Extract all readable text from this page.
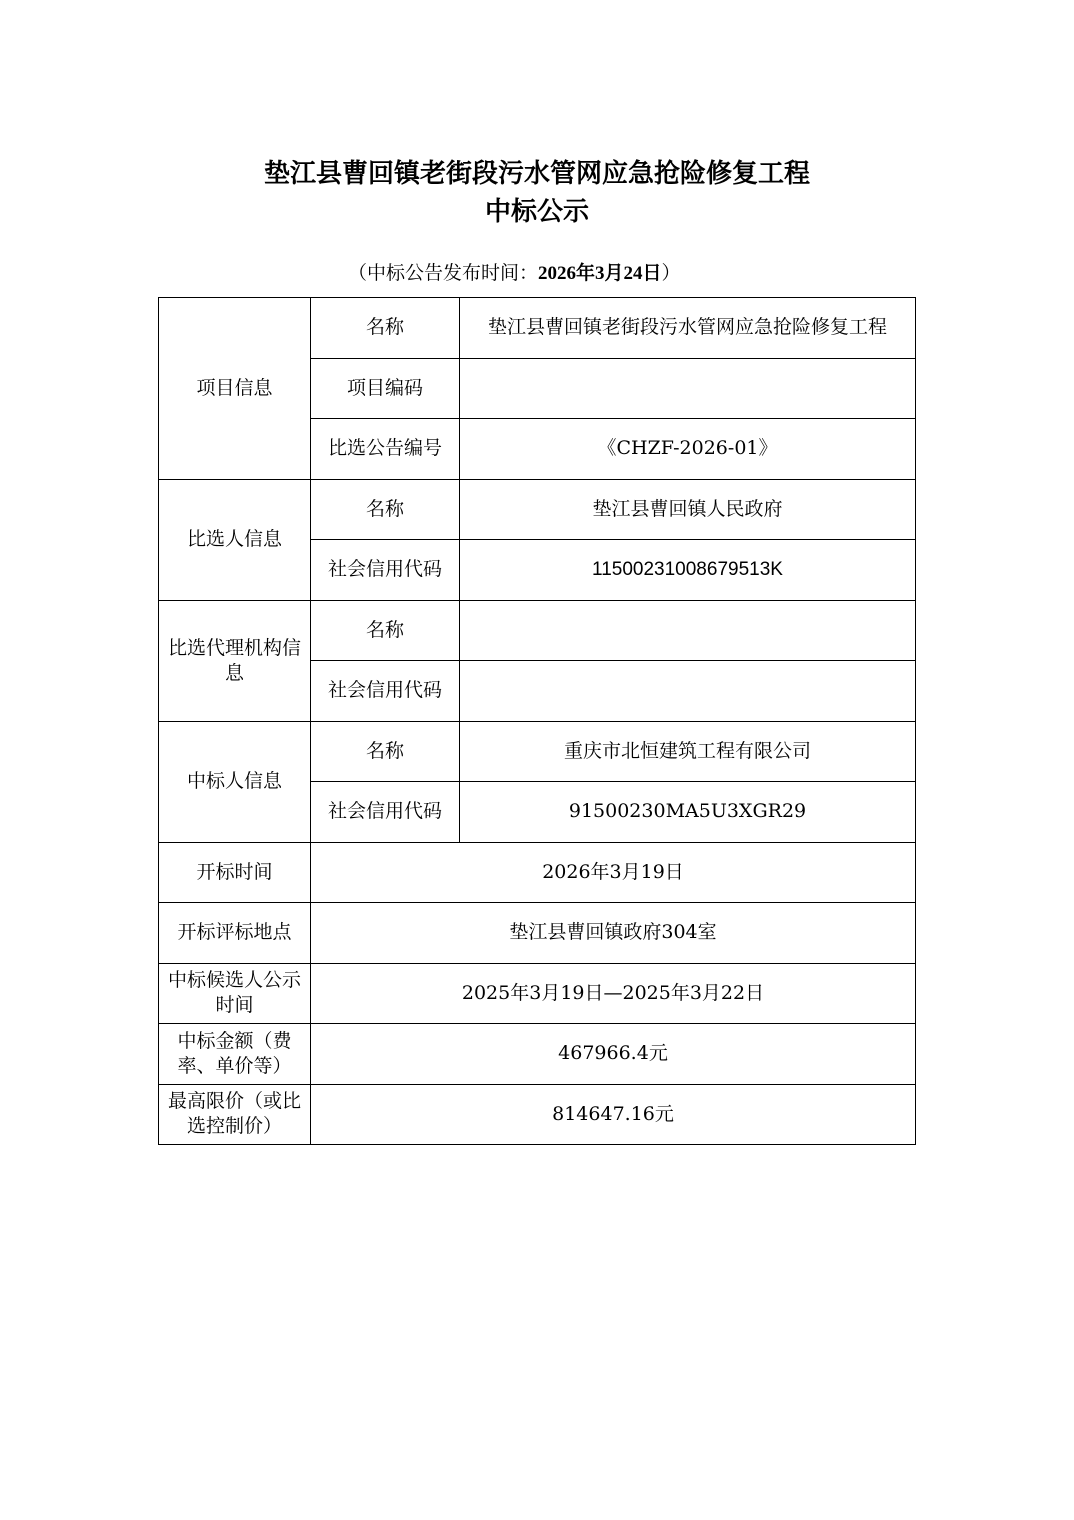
垫江县曹回镇老街段污水管网应急抢险修复工程
中标公示
（中标公告发布时间：2026年3月24日）
项目信息	名称	垫江县曹回镇老街段污水管网应急抢险修复工程
	项目编码	
	比选公告编号	《CHZF-2026-01》
比选人信息	名称	垫江县曹回镇人民政府
	社会信用代码	11500231008679513K
比选代理机构信息	名称	
	社会信用代码	
中标人信息	名称	重庆市北恒建筑工程有限公司
	社会信用代码	91500230MA5U3XGR29
开标时间	2026年3月19日	
开标评标地点	垫江县曹回镇政府304室	
中标候选人公示时间	2025年3月19日—2025年3月22日	
中标金额（费率、单价等）	467966.4元	
最高限价（或比选控制价）	814647.16元	
